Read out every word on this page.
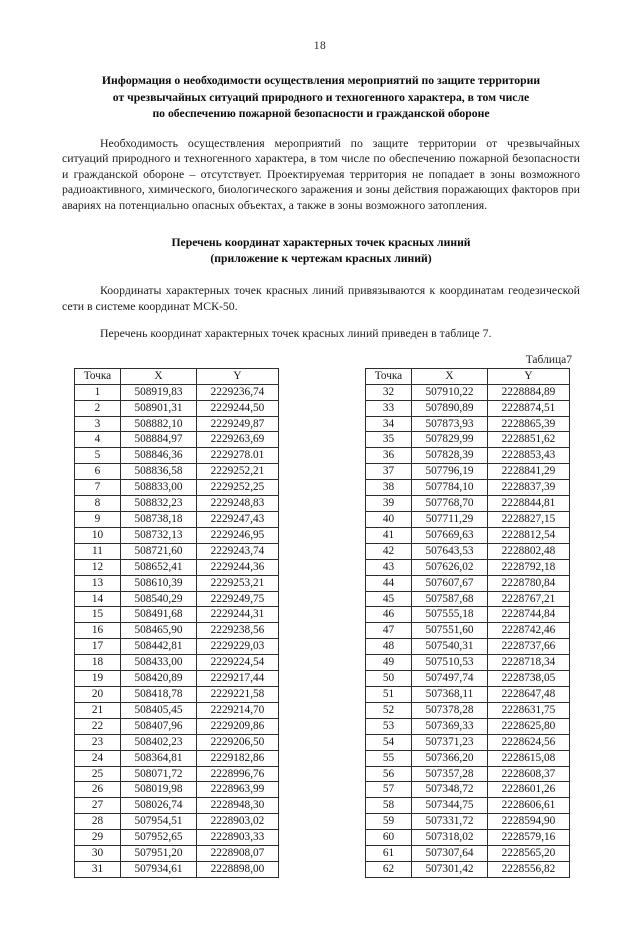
18
Информация о необходимости осуществления мероприятий по защите территории
от чрезвычайных ситуаций природного и техногенного характера, в том числе
по обеспечению пожарной безопасности и гражданской обороне

Необходимость осуществления мероприятий по защите территории от чрезвычайных ситуаций природного и техногенного характера, в том числе по обеспечению пожарной безопасности и гражданской обороне – отсутствует. Проектируемая территория не попадает в зоны возможного радиоактивного, химического, биологического заражения и зоны действия поражающих факторов при авариях на потенциально опасных объектах, а также в зоны возможного затопления.

Перечень координат характерных точек красных линий
(приложение к чертежам красных линий)

Координаты характерных точек красных линий привязываются к координатам геодезической сети в системе координат МСК-50.

Перечень координат характерных точек красных линий приведен в таблице 7.

Таблица7
Точка	X	Y
1	508919,83	2229236,74
2	508901,31	2229244,50
3	508882,10	2229249,87
4	508884,97	2229263,69
5	508846,36	2229278.01
6	508836,58	2229252,21
7	508833,00	2229252,25
8	508832,23	2229248,83
9	508738,18	2229247,43
10	508732,13	2229246,95
11	508721,60	2229243,74
12	508652,41	2229244,36
13	508610,39	2229253,21
14	508540,29	2229249,75
15	508491,68	2229244,31
16	508465,90	2229238,56
17	508442,81	2229229,03
18	508433,00	2229224,54
19	508420,89	2229217,44
20	508418,78	2229221,58
21	508405,45	2229214,70
22	508407,96	2229209,86
23	508402,23	2229206,50
24	508364,81	2229182,86
25	508071,72	2228996,76
26	508019,98	2228963,99
27	508026,74	2228948,30
28	507954,51	2228903,02
29	507952,65	2228903,33
30	507951,20	2228908,07
31	507934,61	2228898,00
Точка	X	Y
32	507910,22	2228884,89
33	507890,89	2228874,51
34	507873,93	2228865,39
35	507829,99	2228851,62
36	507828,39	2228853,43
37	507796,19	2228841,29
38	507784,10	2228837,39
39	507768,70	2228844,81
40	507711,29	2228827,15
41	507669,63	2228812,54
42	507643,53	2228802,48
43	507626,02	2228792,18
44	507607,67	2228780,84
45	507587,68	2228767,21
46	507555,18	2228744,84
47	507551,60	2228742,46
48	507540,31	2228737,66
49	507510,53	2228718,34
50	507497,74	2228738,05
51	507368,11	2228647,48
52	507378,28	2228631,75
53	507369,33	2228625,80
54	507371,23	2228624,56
55	507366,20	2228615,08
56	507357,28	2228608,37
57	507348,72	2228601,26
58	507344,75	2228606,61
59	507331,72	2228594,90
60	507318,02	2228579,16
61	507307,64	2228565,20
62	507301,42	2228556,82
